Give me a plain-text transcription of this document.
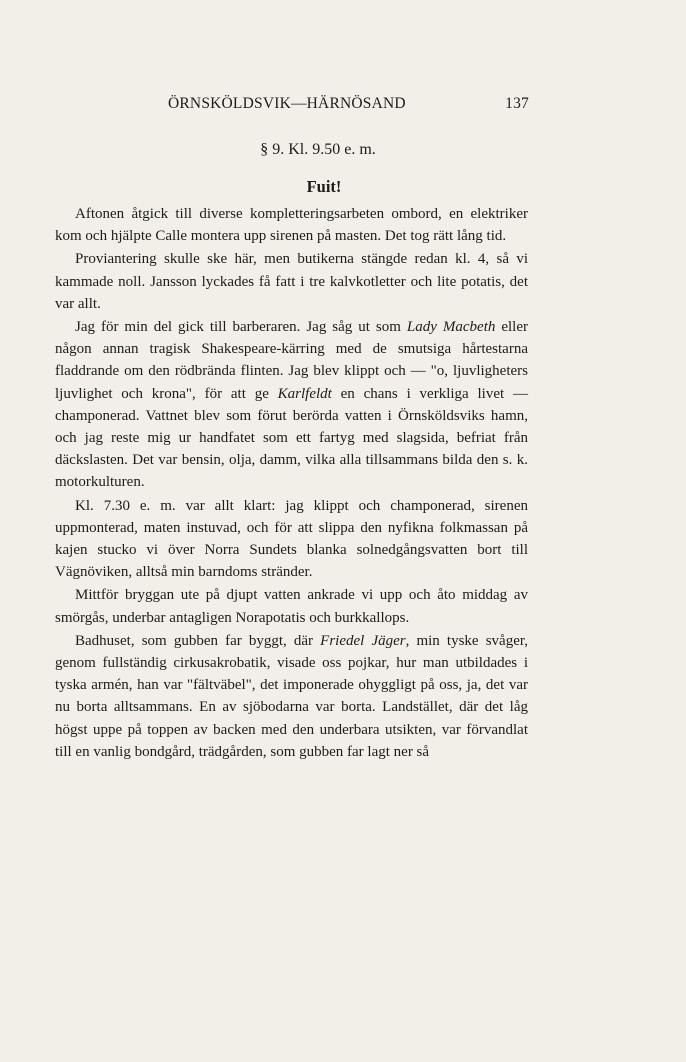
ÖRNSKÖLDSVIK—HÄRNÖSAND	137
§ 9. Kl. 9.50 e. m.
Fuit!

Aftonen åtgick till diverse kompletteringsarbeten ombord, en elektriker kom och hjälpte Calle montera upp sirenen på masten. Det tog rätt lång tid.

Proviantering skulle ske här, men butikerna stängde redan kl. 4, så vi kammade noll. Jansson lyckades få fatt i tre kalvkotletter och lite potatis, det var allt.

Jag för min del gick till barberaren. Jag såg ut som Lady Macbeth eller någon annan tragisk Shakespeare-kärring med de smutsiga hårtestarna fladdrande om den rödbrända flinten. Jag blev klippt och — "o, ljuvligheters ljuvlighet och krona", för att ge Karlfeldt en chans i verkliga livet — champonerad. Vattnet blev som förut berörda vatten i Örnsköldsviks hamn, och jag reste mig ur handfatet som ett fartyg med slagsida, befriat från däckslasten. Det var bensin, olja, damm, vilka alla tillsammans bilda den s. k. motorkulturen.

Kl. 7.30 e. m. var allt klart: jag klippt och champonerad, sirenen uppmonterad, maten instuvad, och för att slippa den nyfikna folkmassan på kajen stucko vi över Norra Sundets blanka solnedgångsvatten bort till Vägnöviken, alltså min barndoms stränder.

Mittför bryggan ute på djupt vatten ankrade vi upp och åto middag av smörgås, underbar antagligen Norapotatis och burkkallops.

Badhuset, som gubben far byggt, där Friedel Jäger, min tyske svåger, genom fullständig cirkusakrobatik, visade oss pojkar, hur man utbildades i tyska armén, han var "fältväbel", det imponerade ohyggligt på oss, ja, det var nu borta alltsammans. En av sjöbodarna var borta. Landstället, där det låg högst uppe på toppen av backen med den underbara utsikten, var förvandlat till en vanlig bondgård, trädgården, som gubben far lagt ner så
